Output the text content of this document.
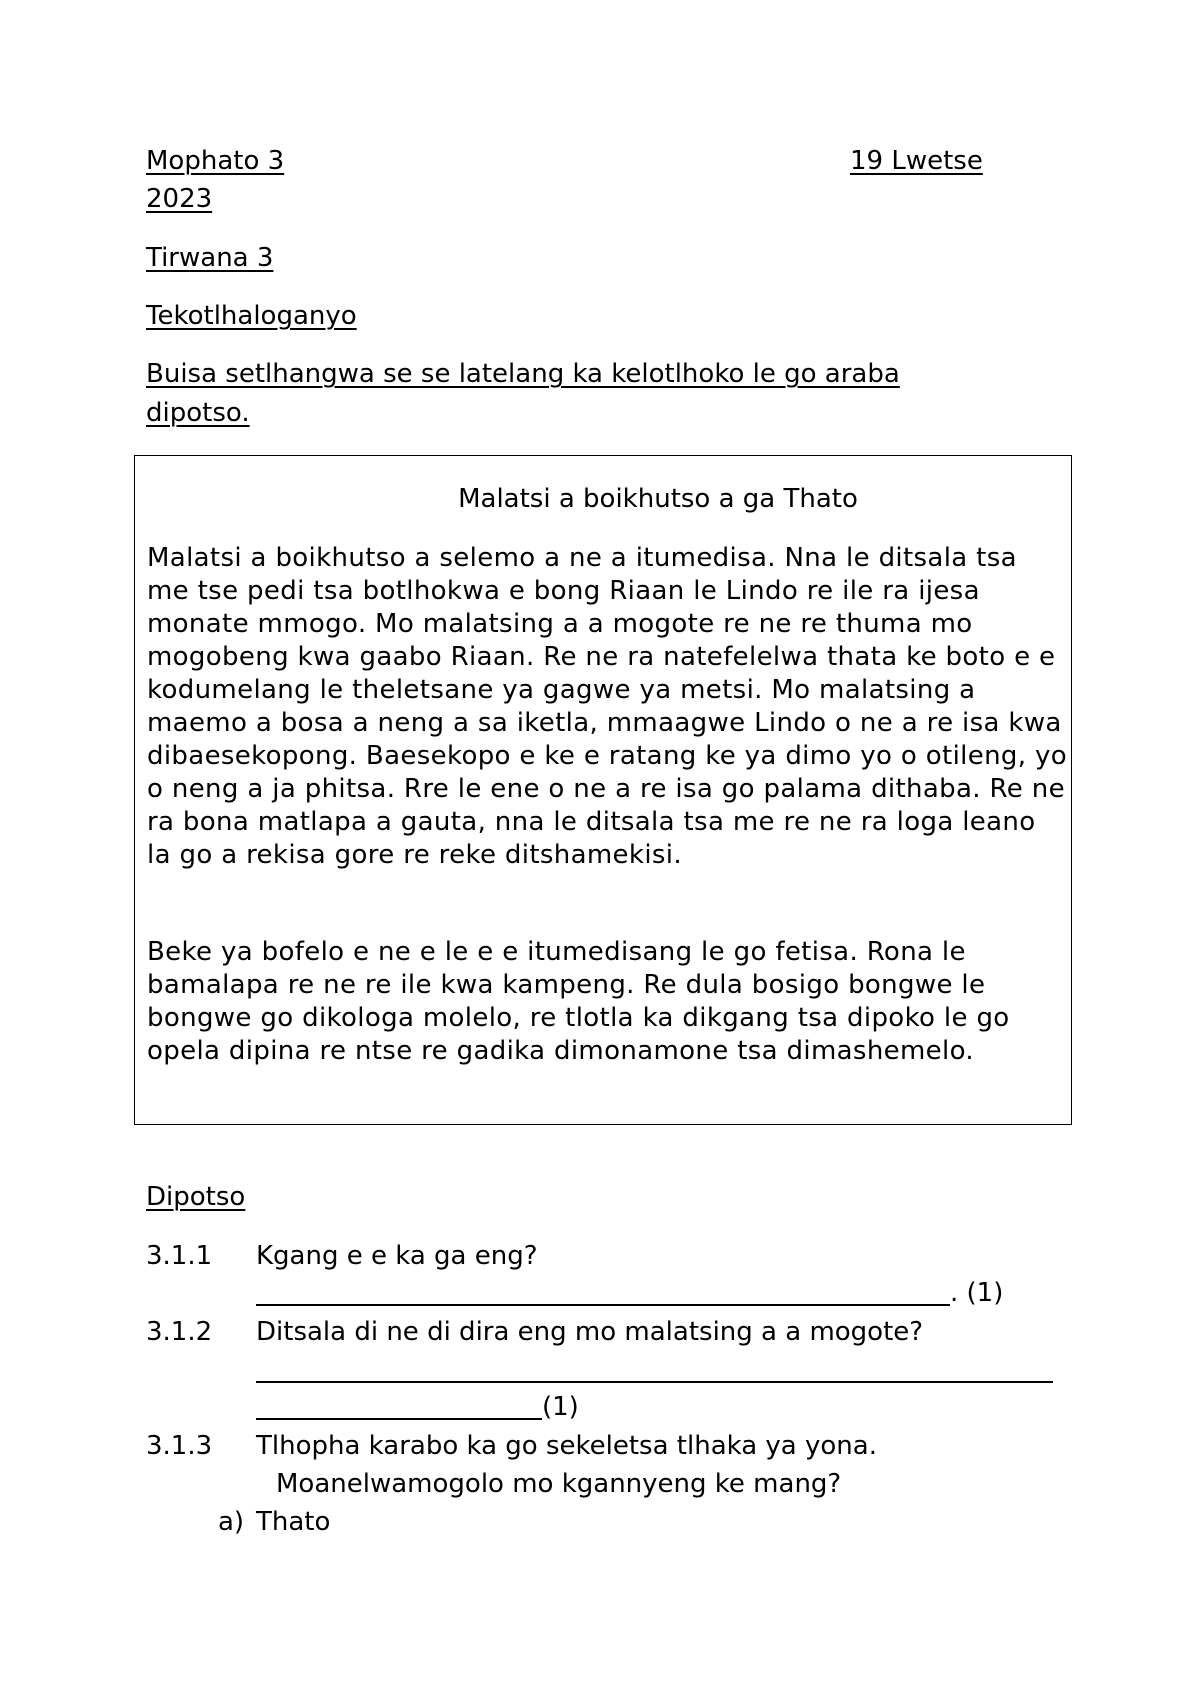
Mophato 3	19 Lwetse
2023
Tirwana 3
Tekotlhaloganyo
Buisa setlhangwa se se latelang ka kelotlhoko le go araba
dipotso.
Malatsi a boikhutso a ga Thato
Malatsi a boikhutso a selemo a ne a itumedisa. Nna le ditsala tsa me tse pedi tsa botlhokwa e bong Riaan le Lindo re ile ra ijesa monate mmogo. Mo malatsing a a mogote re ne re thuma mo mogobeng kwa gaabo Riaan. Re ne ra natefelelwa thata ke boto e e kodumelang le theletsane ya gagwe ya metsi. Mo malatsing a maemo a bosa a neng a sa iketla, mmaagwe Lindo o ne a re isa kwa dibaesekopong. Baesekopo e ke e ratang ke ya dimo yo o otileng, yo o neng a ja phitsa. Rre le ene o ne a re isa go palama dithaba. Re ne ra bona matlapa a gauta, nna le ditsala tsa me re ne ra loga leano la go a rekisa gore re reke ditshamekisi.
Beke ya bofelo e ne e le e e itumedisang le go fetisa. Rona le bamalapa re ne re ile kwa kampeng. Re dula bosigo bongwe le bongwe go dikologa molelo, re tlotla ka dikgang tsa dipoko le go opela dipina re ntse re gadika dimonamone tsa dimashemelo.
Dipotso
3.1.1 Kgang e e ka ga eng?
. (1)
3.1.2 Ditsala di ne di dira eng mo malatsing a a mogote?
(1)
3.1.3 Tlhopha karabo ka go sekeletsa tlhaka ya yona.
Moanelwamogolo mo kgannyeng ke mang?
a) Thato
